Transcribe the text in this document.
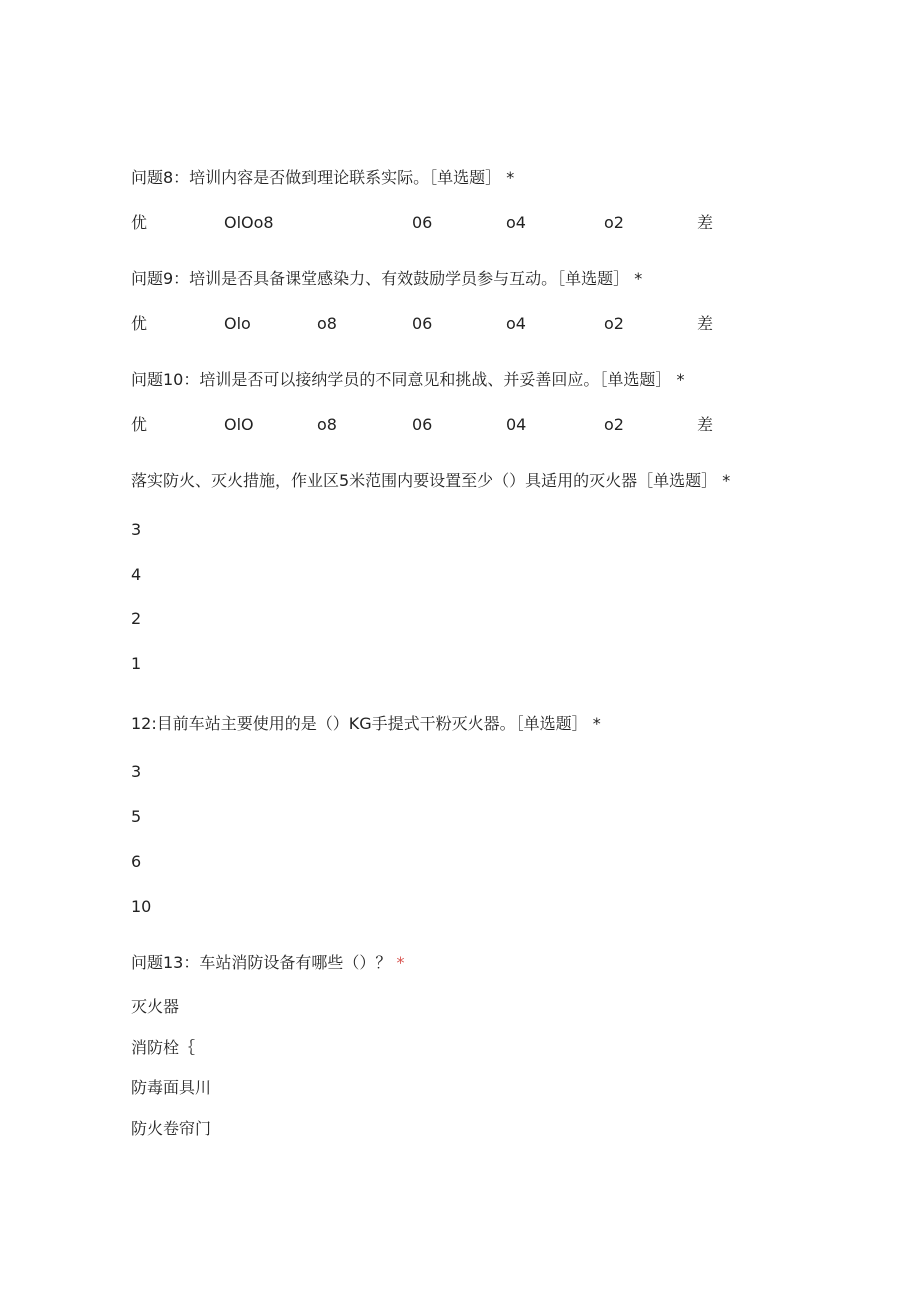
问题8：培训内容是否做到理论联系实际。［单选题］ *
优	OlOo8	06	o4	o2	差
问题9：培训是否具备课堂感染力、有效鼓励学员参与互动。［单选题］ *
优	Olo	o8	06	o4	o2	差
问题10：培训是否可以接纳学员的不同意见和挑战、并妥善回应。［单选题］ *
优	OlO	o8	06	04	o2	差
落实防火、灭火措施，作业区5米范围内要设置至少（）具适用的灭火器［单选题］ *
3
4
2
1
12:目前车站主要使用的是（）KG手提式干粉灭火器。［单选题］ *
3
5
6
10
问题13：车站消防设备有哪些（）？ *
灭火器
消防栓｛
防毒面具川
防火卷帘门
